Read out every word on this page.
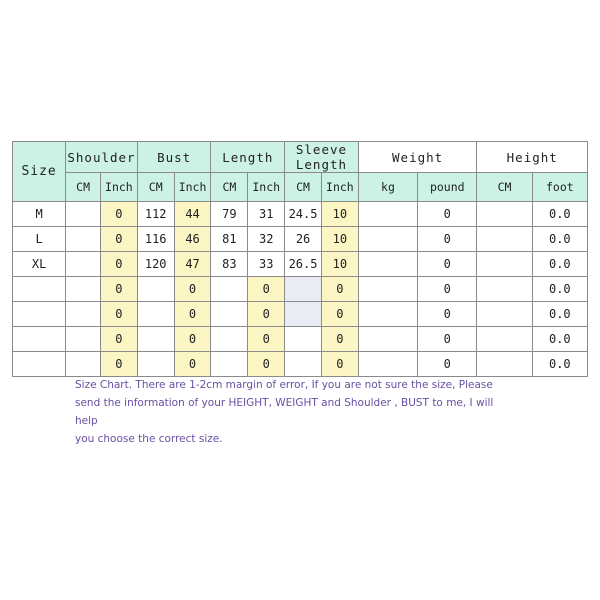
Size	Shoulder		Bust		Length		Sleeve Length		Weight		Height	
	CM	Inch	CM	Inch	CM	Inch	CM	Inch	kg	pound	CM	foot
M		0	112	44	79	31	24.5	10		0		0.0
L		0	116	46	81	32	26	10		0		0.0
XL		0	120	47	83	33	26.5	10		0		0.0
		0		0		0		0		0		0.0
		0		0		0		0		0		0.0
		0		0		0		0		0		0.0
		0		0		0		0		0		0.0
Size Chart. There are 1-2cm margin of error, If you are not sure the size, Please
send the information of your HEIGHT, WEIGHT and Shoulder , BUST to me, I will help
you choose the correct size.
